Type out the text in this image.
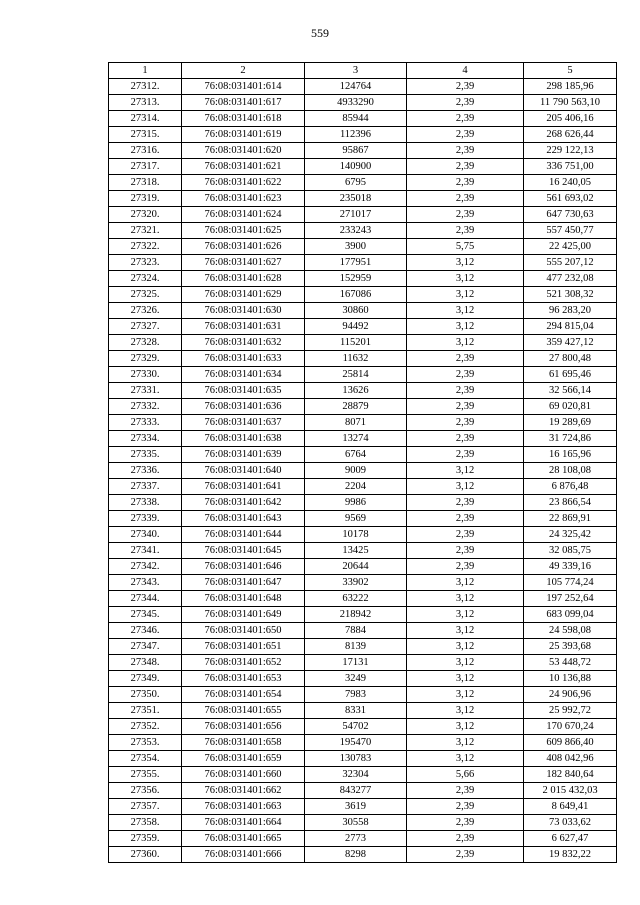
559
1	2	3	4	5
27312.	76:08:031401:614	124764	2,39	298 185,96
27313.	76:08:031401:617	4933290	2,39	11 790 563,10
27314.	76:08:031401:618	85944	2,39	205 406,16
27315.	76:08:031401:619	112396	2,39	268 626,44
27316.	76:08:031401:620	95867	2,39	229 122,13
27317.	76:08:031401:621	140900	2,39	336 751,00
27318.	76:08:031401:622	6795	2,39	16 240,05
27319.	76:08:031401:623	235018	2,39	561 693,02
27320.	76:08:031401:624	271017	2,39	647 730,63
27321.	76:08:031401:625	233243	2,39	557 450,77
27322.	76:08:031401:626	3900	5,75	22 425,00
27323.	76:08:031401:627	177951	3,12	555 207,12
27324.	76:08:031401:628	152959	3,12	477 232,08
27325.	76:08:031401:629	167086	3,12	521 308,32
27326.	76:08:031401:630	30860	3,12	96 283,20
27327.	76:08:031401:631	94492	3,12	294 815,04
27328.	76:08:031401:632	115201	3,12	359 427,12
27329.	76:08:031401:633	11632	2,39	27 800,48
27330.	76:08:031401:634	25814	2,39	61 695,46
27331.	76:08:031401:635	13626	2,39	32 566,14
27332.	76:08:031401:636	28879	2,39	69 020,81
27333.	76:08:031401:637	8071	2,39	19 289,69
27334.	76:08:031401:638	13274	2,39	31 724,86
27335.	76:08:031401:639	6764	2,39	16 165,96
27336.	76:08:031401:640	9009	3,12	28 108,08
27337.	76:08:031401:641	2204	3,12	6 876,48
27338.	76:08:031401:642	9986	2,39	23 866,54
27339.	76:08:031401:643	9569	2,39	22 869,91
27340.	76:08:031401:644	10178	2,39	24 325,42
27341.	76:08:031401:645	13425	2,39	32 085,75
27342.	76:08:031401:646	20644	2,39	49 339,16
27343.	76:08:031401:647	33902	3,12	105 774,24
27344.	76:08:031401:648	63222	3,12	197 252,64
27345.	76:08:031401:649	218942	3,12	683 099,04
27346.	76:08:031401:650	7884	3,12	24 598,08
27347.	76:08:031401:651	8139	3,12	25 393,68
27348.	76:08:031401:652	17131	3,12	53 448,72
27349.	76:08:031401:653	3249	3,12	10 136,88
27350.	76:08:031401:654	7983	3,12	24 906,96
27351.	76:08:031401:655	8331	3,12	25 992,72
27352.	76:08:031401:656	54702	3,12	170 670,24
27353.	76:08:031401:658	195470	3,12	609 866,40
27354.	76:08:031401:659	130783	3,12	408 042,96
27355.	76:08:031401:660	32304	5,66	182 840,64
27356.	76:08:031401:662	843277	2,39	2 015 432,03
27357.	76:08:031401:663	3619	2,39	8 649,41
27358.	76:08:031401:664	30558	2,39	73 033,62
27359.	76:08:031401:665	2773	2,39	6 627,47
27360.	76:08:031401:666	8298	2,39	19 832,22
